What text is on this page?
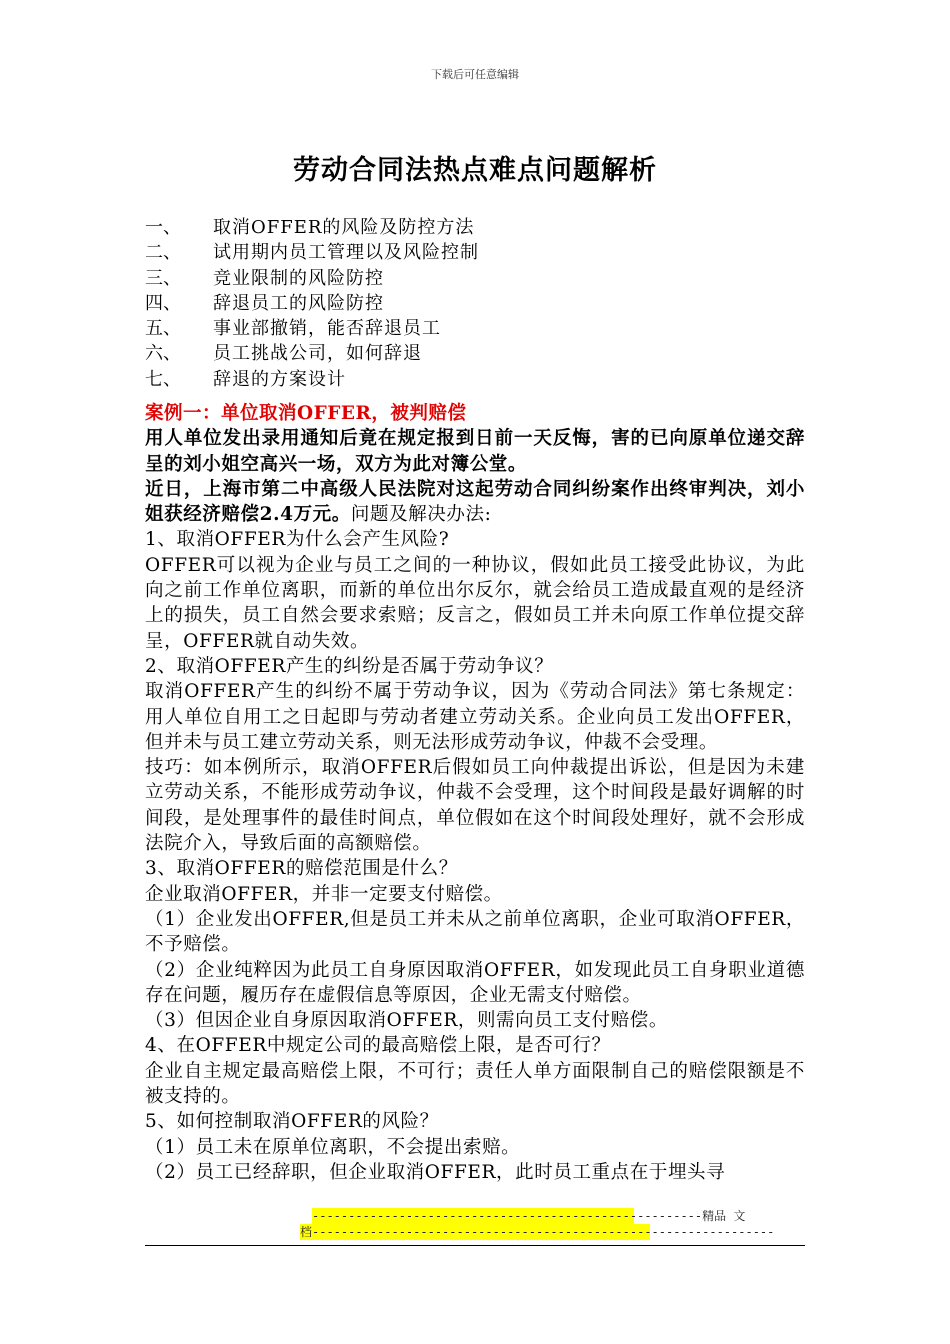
下载后可任意编辑
劳动合同法热点难点问题解析
一、	取消OFFER的风险及防控方法
二、	试用期内员工管理以及风险控制
三、	竞业限制的风险防控
四、	辞退员工的风险防控
五、	事业部撤销，能否辞退员工
六、	员工挑战公司，如何辞退
七、	辞退的方案设计

案例一：单位取消OFFER，被判赔偿

用人单位发出录用通知后竟在规定报到日前一天反悔，害的已向原单位递交辞呈的刘小姐空高兴一场，双方为此对簿公堂。

近日，上海市第二中高级人民法院对这起劳动合同纠纷案作出终审判决，刘小姐获经济赔偿2.4万元。问题及解决办法:

1、取消OFFER为什么会产生风险?

OFFER可以视为企业与员工之间的一种协议，假如此员工接受此协议，为此向之前工作单位离职，而新的单位出尔反尔，就会给员工造成最直观的是经济上的损失，员工自然会要求索赔；反言之，假如员工并未向原工作单位提交辞呈，OFFER就自动失效。

2、取消OFFER产生的纠纷是否属于劳动争议？

取消OFFER产生的纠纷不属于劳动争议，因为《劳动合同法》第七条规定：用人单位自用工之日起即与劳动者建立劳动关系。企业向员工发出OFFER，但并未与员工建立劳动关系，则无法形成劳动争议，仲裁不会受理。

技巧：如本例所示，取消OFFER后假如员工向仲裁提出诉讼，但是因为未建立劳动关系，不能形成劳动争议，仲裁不会受理，这个时间段是最好调解的时间段，是处理事件的最佳时间点，单位假如在这个时间段处理好，就不会形成法院介入，导致后面的高额赔偿。

3、取消OFFER的赔偿范围是什么？

企业取消OFFER，并非一定要支付赔偿。

（1）企业发出OFFER,但是员工并未从之前单位离职，企业可取消OFFER，不予赔偿。

（2）企业纯粹因为此员工自身原因取消OFFER，如发现此员工自身职业道德存在问题，履历存在虚假信息等原因，企业无需支付赔偿。

（3）但因企业自身原因取消OFFER，则需向员工支付赔偿。

4、在OFFER中规定公司的最高赔偿上限，是否可行？

企业自主规定最高赔偿上限，不可行；责任人单方面限制自己的赔偿限额是不被支持的。

5、如何控制取消OFFER的风险？

（1）员工未在原单位离职，不会提出索赔。

（2）员工已经辞职，但企业取消OFFER，此时员工重点在于埋头寻

------------------------------------------------------精品 文
档----------------------------------------------------------------
